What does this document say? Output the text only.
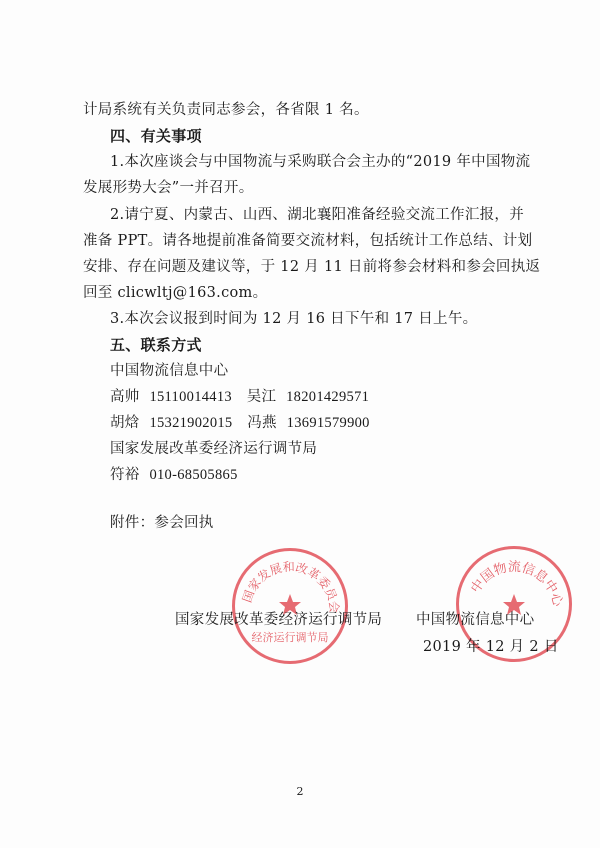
计局系统有关负责同志参会，各省限 1 名。
四、有关事项
1.本次座谈会与中国物流与采购联合会主办的“2019 年中国物流
发展形势大会”一并召开。
2.请宁夏、内蒙古、山西、湖北襄阳准备经验交流工作汇报，并
准备 PPT。请各地提前准备简要交流材料，包括统计工作总结、计划
安排、存在问题及建议等，于 12 月 11 日前将参会材料和参会回执返
回至 clicwltj@163.com。
3.本次会议报到时间为 12 月 16 日下午和 17 日上午。
五、联系方式
中国物流信息中心
高帅 15110014413 吴江 18201429571
胡焓 15321902015 冯燕 13691579900
国家发展改革委经济运行调节局
符裕 010-68505865
附件：参会回执
国家发展和改革委员会
经济运行调节局
中国物流信息中心
国家发展改革委经济运行调节局 中国物流信息中心
2019 年 12 月 2 日
2
